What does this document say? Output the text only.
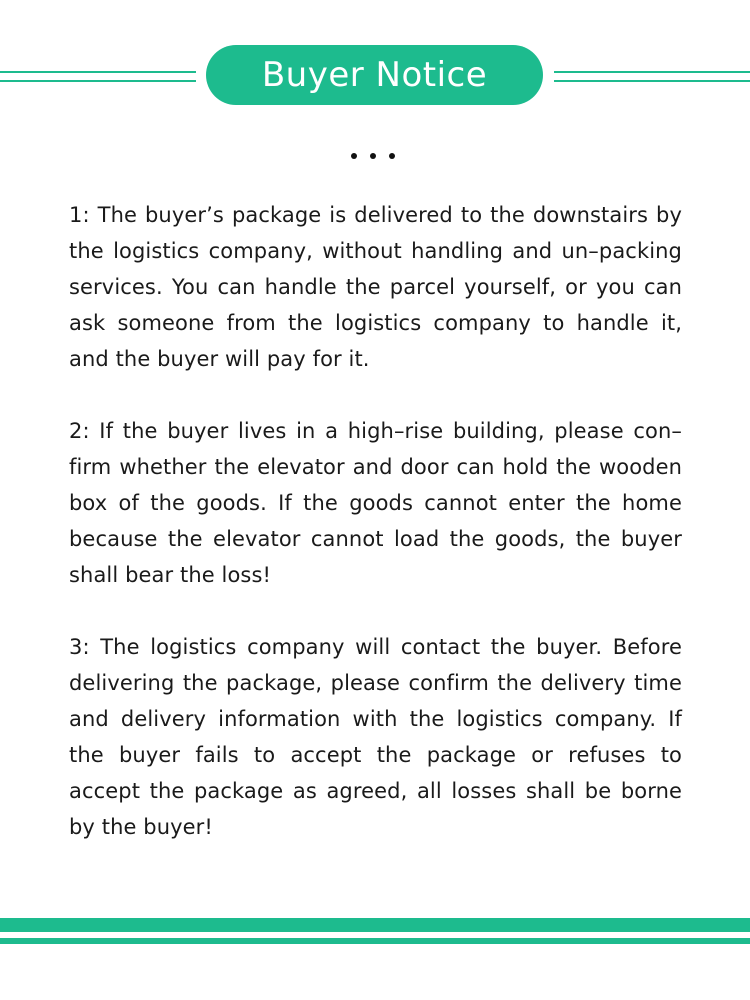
Buyer Notice

1: The buyer’s package is delivered to the downstairs by the logistics company, without handling and un–packing services. You can handle the parcel yourself, or you can ask someone from the logistics company to handle it, and the buyer will pay for it.

2: If the buyer lives in a high–rise building, please con–firm whether the elevator and door can hold the wooden box of the goods. If the goods cannot enter the home because the elevator cannot load the goods, the buyer shall bear the loss!

3: The logistics company will contact the buyer. Before delivering the package, please confirm the delivery time and delivery information with the logistics company. If the buyer fails to accept the package or refuses to accept the package as agreed, all losses shall be borne by the buyer!
